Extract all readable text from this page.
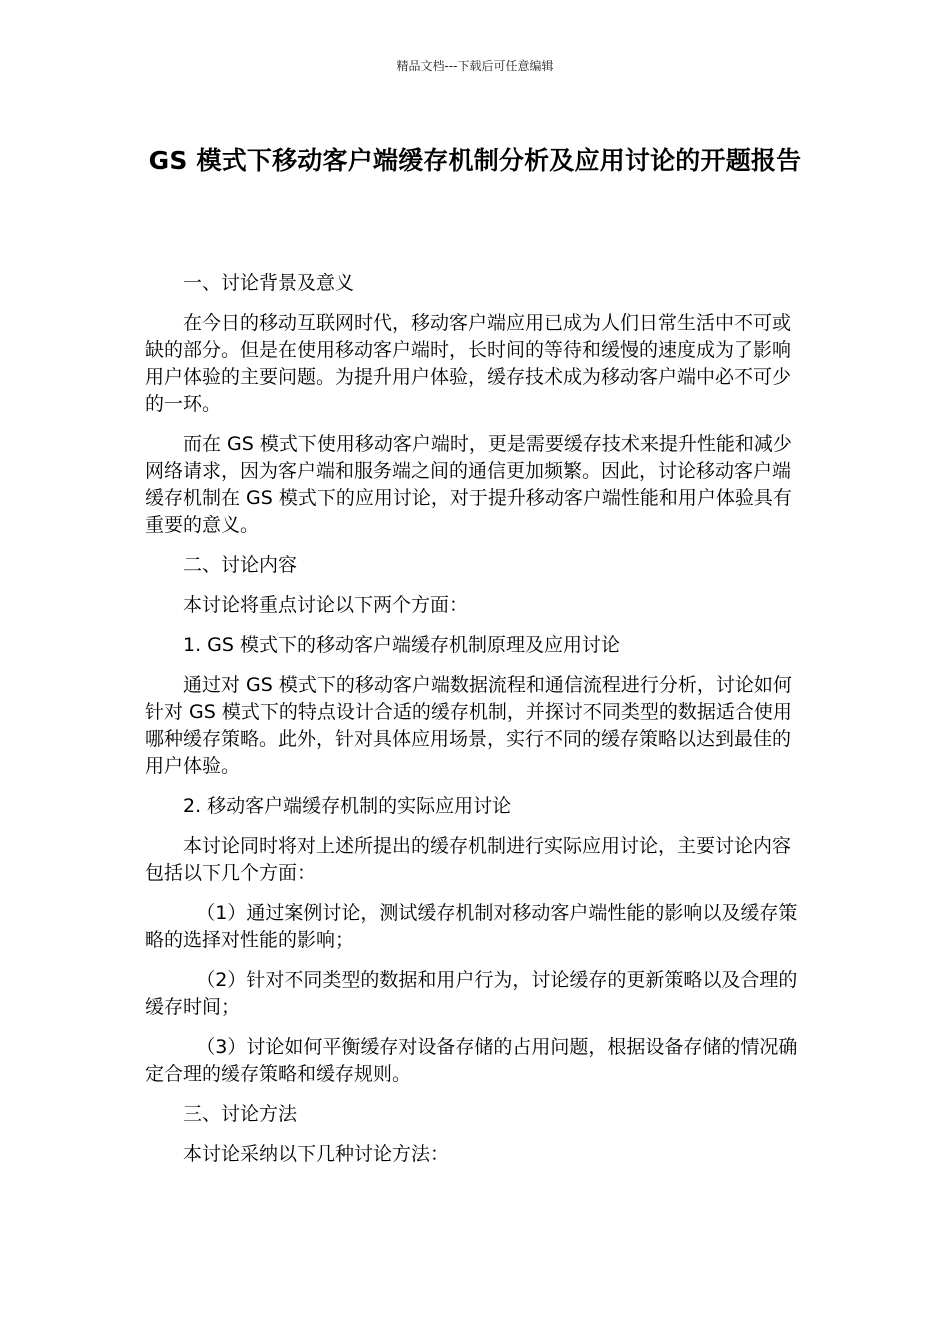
精品文档---下载后可任意编辑
GS 模式下移动客户端缓存机制分析及应用讨论的开题报告

一、讨论背景及意义

在今日的移动互联网时代，移动客户端应用已成为人们日常生活中不可或缺的部分。但是在使用移动客户端时，长时间的等待和缓慢的速度成为了影响用户体验的主要问题。为提升用户体验，缓存技术成为移动客户端中必不可少的一环。

而在 GS 模式下使用移动客户端时，更是需要缓存技术来提升性能和减少网络请求，因为客户端和服务端之间的通信更加频繁。因此，讨论移动客户端缓存机制在 GS 模式下的应用讨论，对于提升移动客户端性能和用户体验具有重要的意义。

二、讨论内容

本讨论将重点讨论以下两个方面：

1. GS 模式下的移动客户端缓存机制原理及应用讨论

通过对 GS 模式下的移动客户端数据流程和通信流程进行分析，讨论如何针对 GS 模式下的特点设计合适的缓存机制，并探讨不同类型的数据适合使用哪种缓存策略。此外，针对具体应用场景，实行不同的缓存策略以达到最佳的用户体验。

2. 移动客户端缓存机制的实际应用讨论

本讨论同时将对上述所提出的缓存机制进行实际应用讨论，主要讨论内容包括以下几个方面：

（1）通过案例讨论，测试缓存机制对移动客户端性能的影响以及缓存策略的选择对性能的影响；

（2）针对不同类型的数据和用户行为，讨论缓存的更新策略以及合理的缓存时间；

（3）讨论如何平衡缓存对设备存储的占用问题，根据设备存储的情况确定合理的缓存策略和缓存规则。

三、讨论方法

本讨论采纳以下几种讨论方法：
